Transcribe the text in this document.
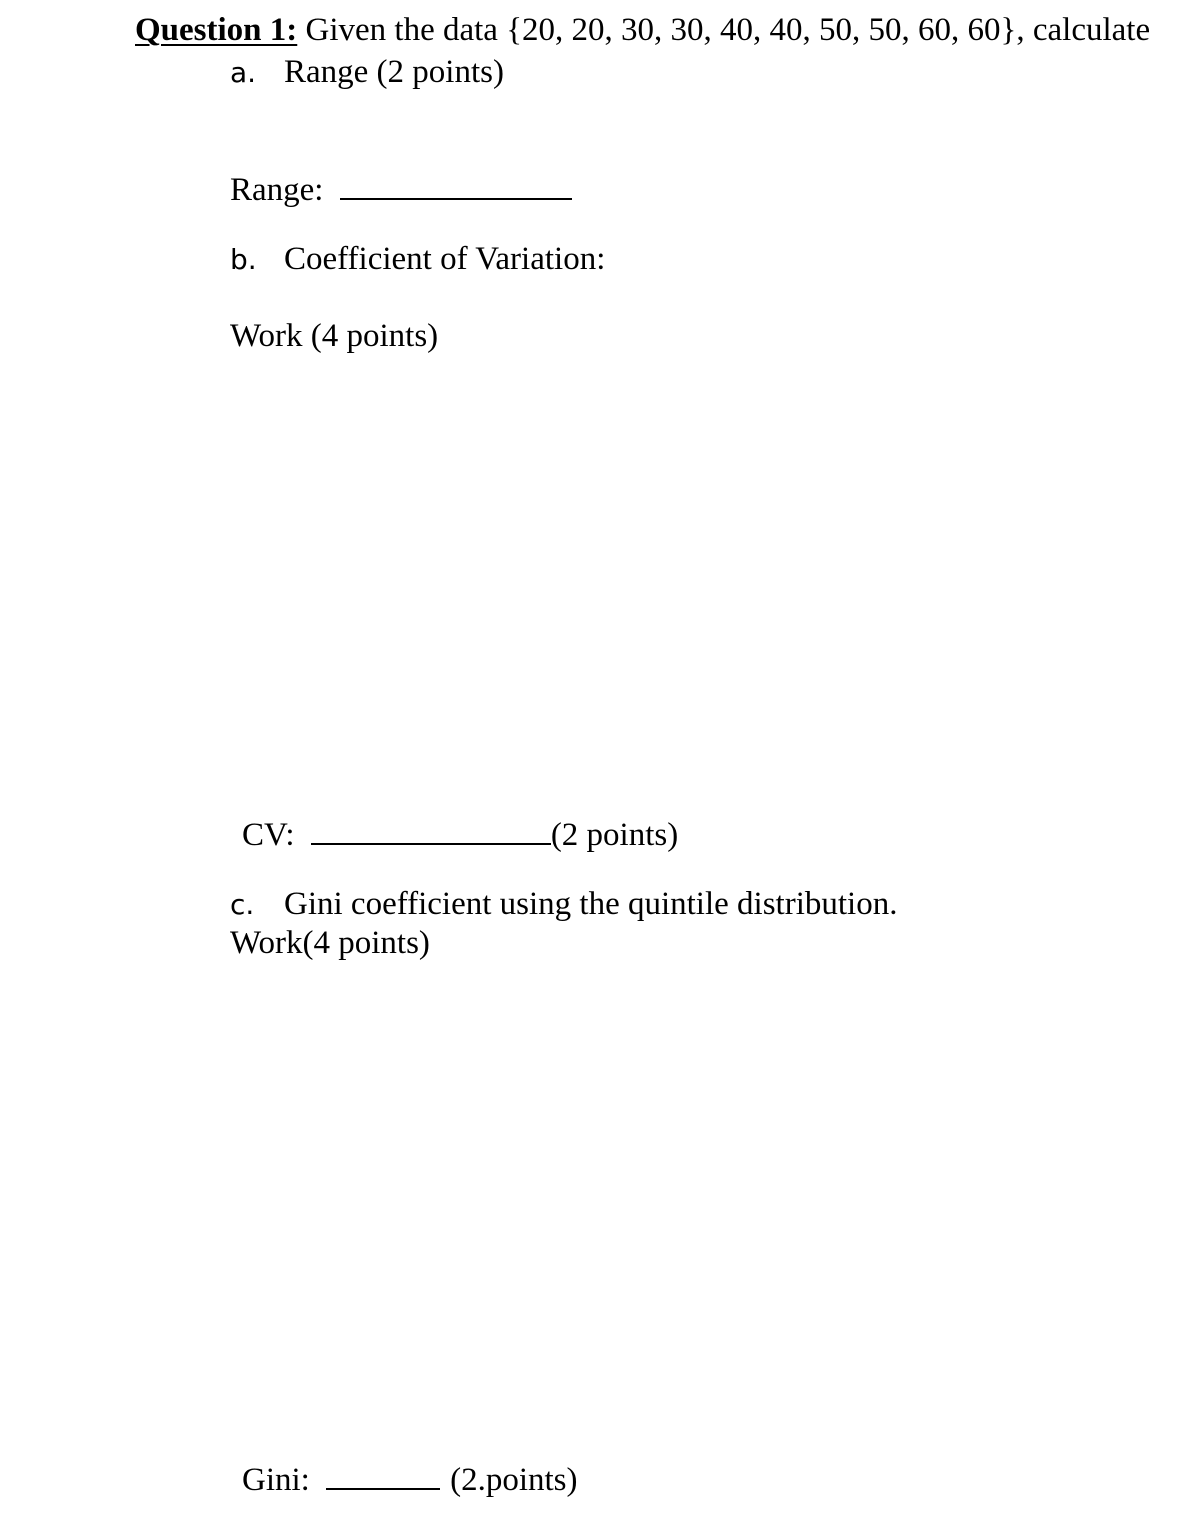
Question 1: Given the data {20, 20, 30, 30, 40, 40, 50, 50, 60, 60}, calculate
a. Range (2 points)
Range:
b. Coefficient of Variation:
Work (4 points)
CV:	(2 points)
c. Gini coefficient using the quintile distribution.
Work(4 points)
Gini:	(2.points)
